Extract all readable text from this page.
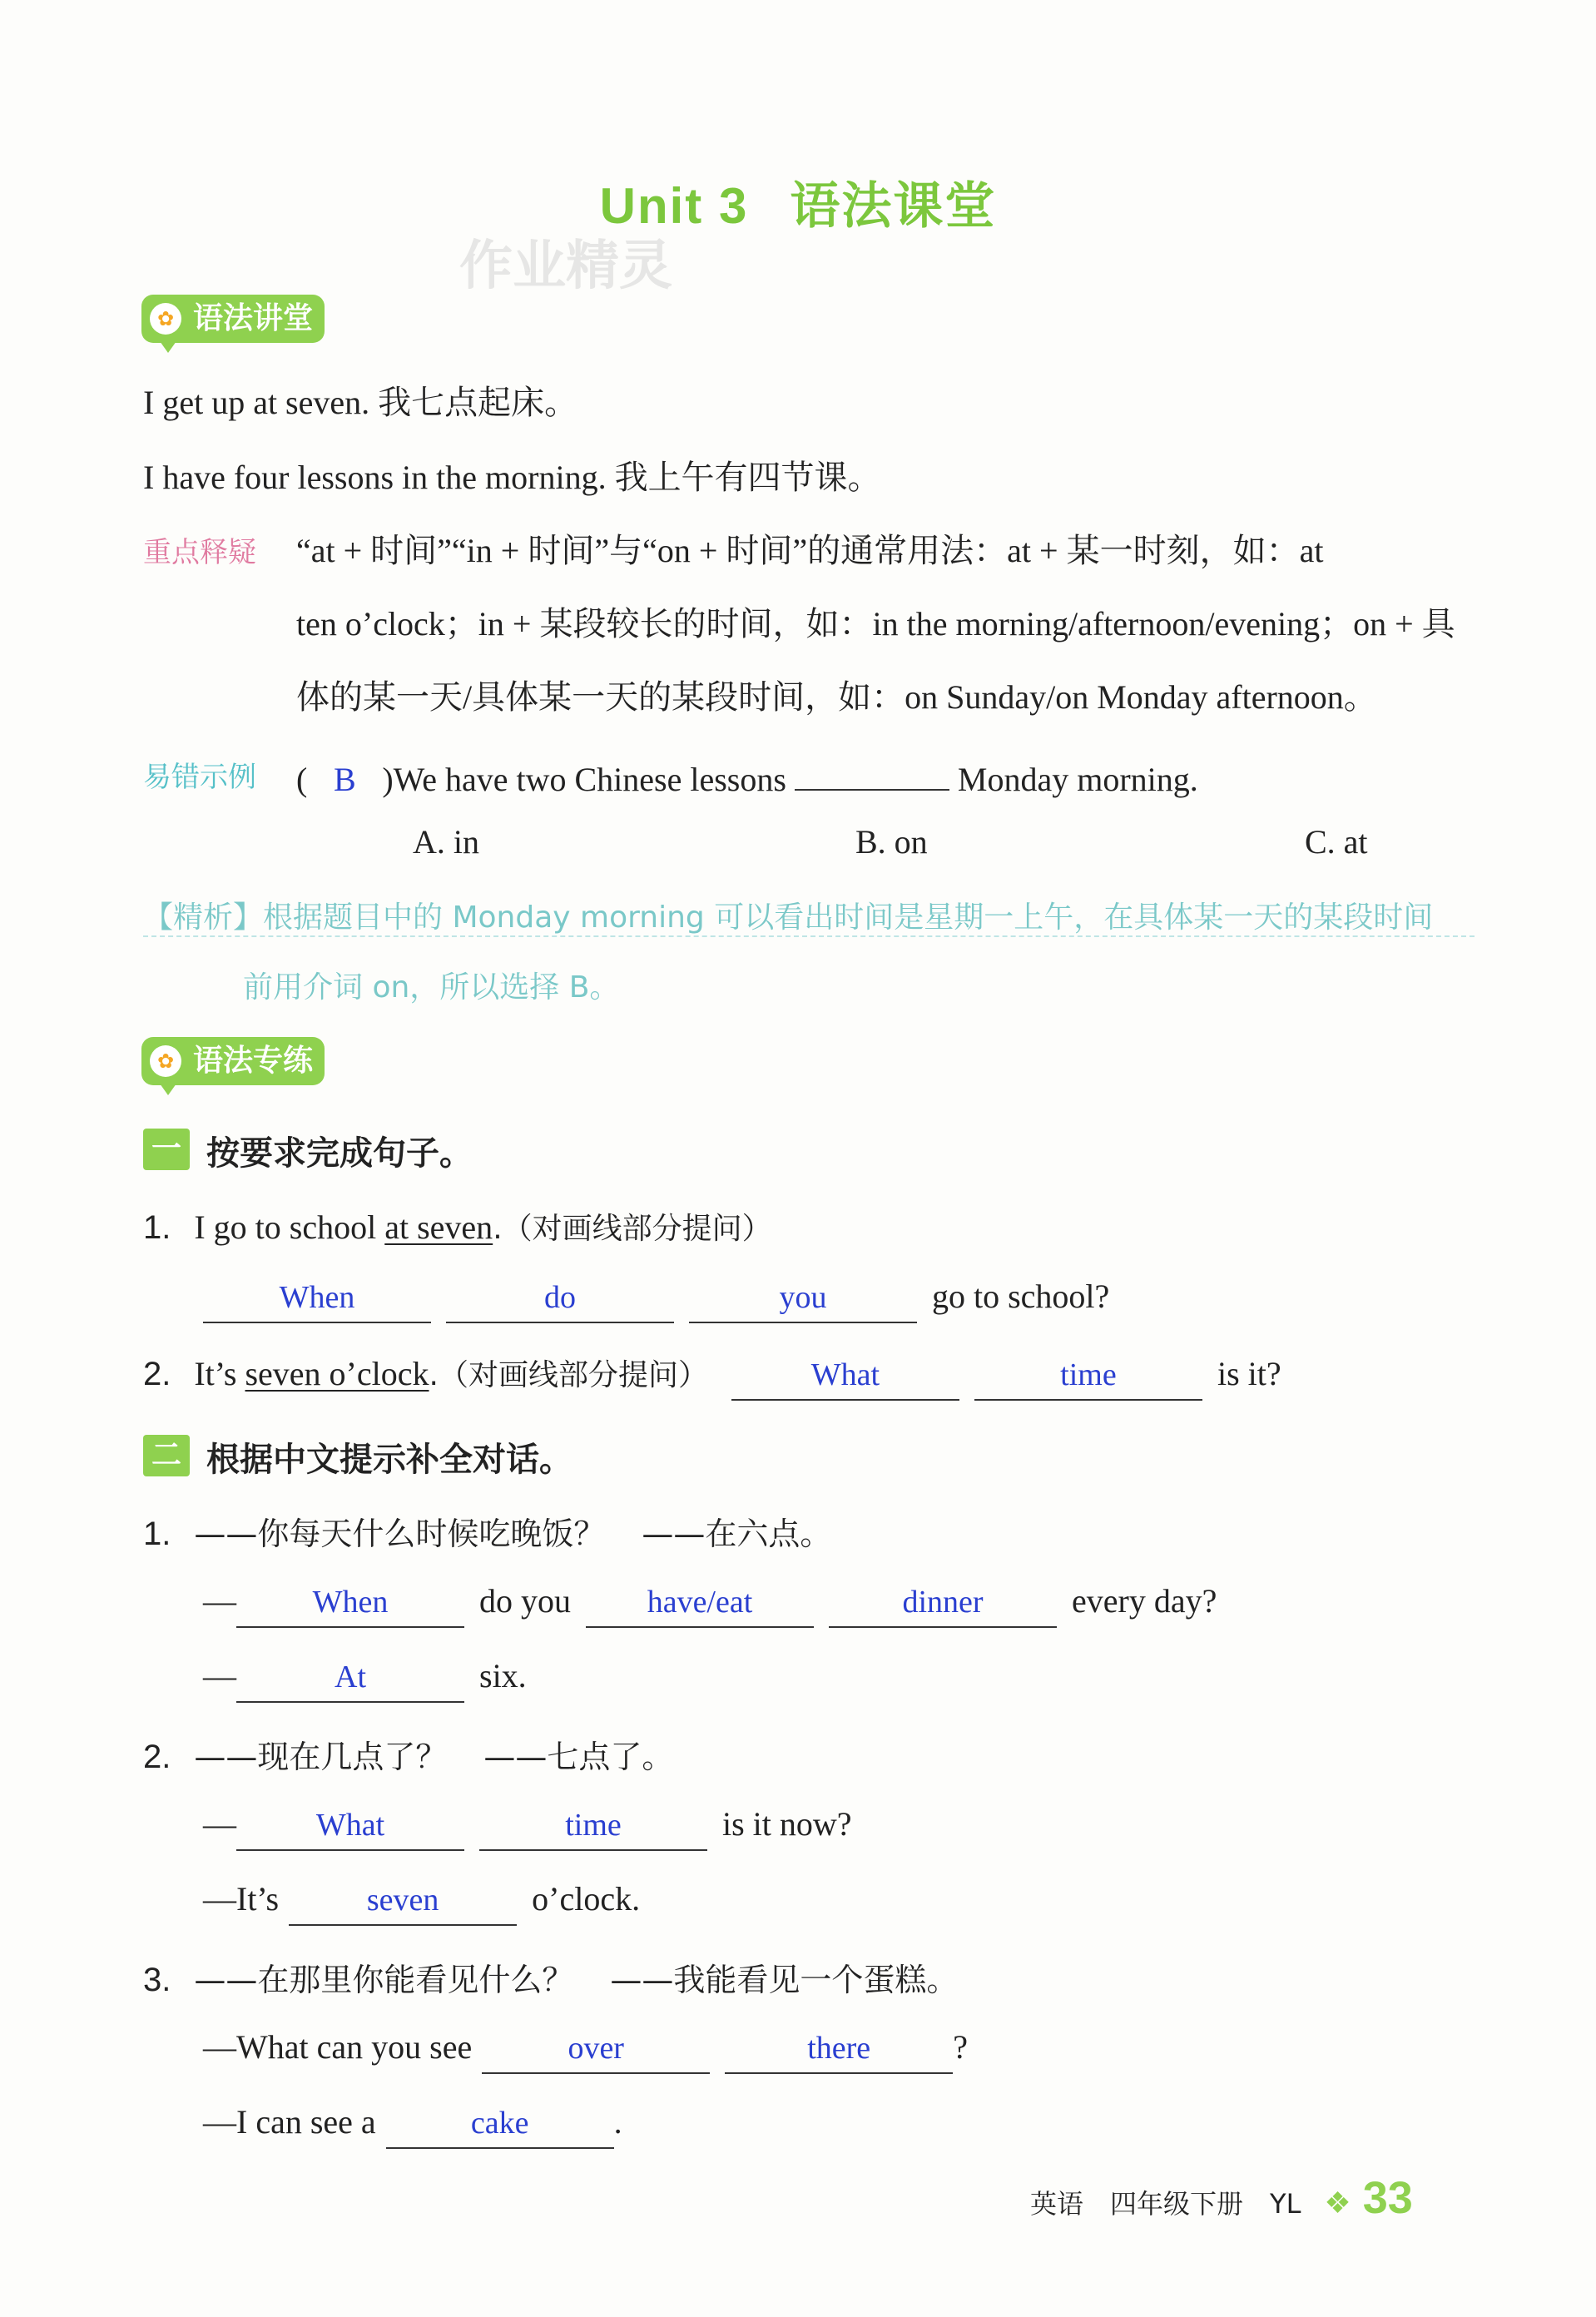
Unit 3 语法课堂
作业精灵
✿ 语法讲堂
I get up at seven. 我七点起床。
I have four lessons in the morning. 我上午有四节课。
重点释疑 “at + 时间”“in + 时间”与“on + 时间”的通常用法：at + 某一时刻，如：at
ten o’clock；in + 某段较长的时间，如：in the morning/afternoon/evening；on + 具
体的某一天/具体某一天的某段时间，如：on Sunday/on Monday afternoon。
易错示例 ( B )We have two Chinese lessons	Monday morning.
A. in	B. on	C. at
【精析】根据题目中的 Monday morning 可以看出时间是星期一上午，在具体某一天的某段时间
前用介词 on，所以选择 B。
✿ 语法专练
一 按要求完成句子。
1. I go to school at seven.（对画线部分提问）
When	do	you	go to school?
2. It’s seven o’clock.（对画线部分提问）	What	time	is it?
二 根据中文提示补全对话。
1. ——你每天什么时候吃晚饭？ ——在六点。
— When	do you have/eat	dinner	every day?
—	At	six.
2. ——现在几点了？ ——七点了。
—	What	time	is it now?
—It’s	seven	o’clock.
3. ——在那里你能看见什么？ ——我能看见一个蛋糕。
—What can you see	over	there ?
—I can see a	cake	.
英语 四年级下册 YL ❖ 33
